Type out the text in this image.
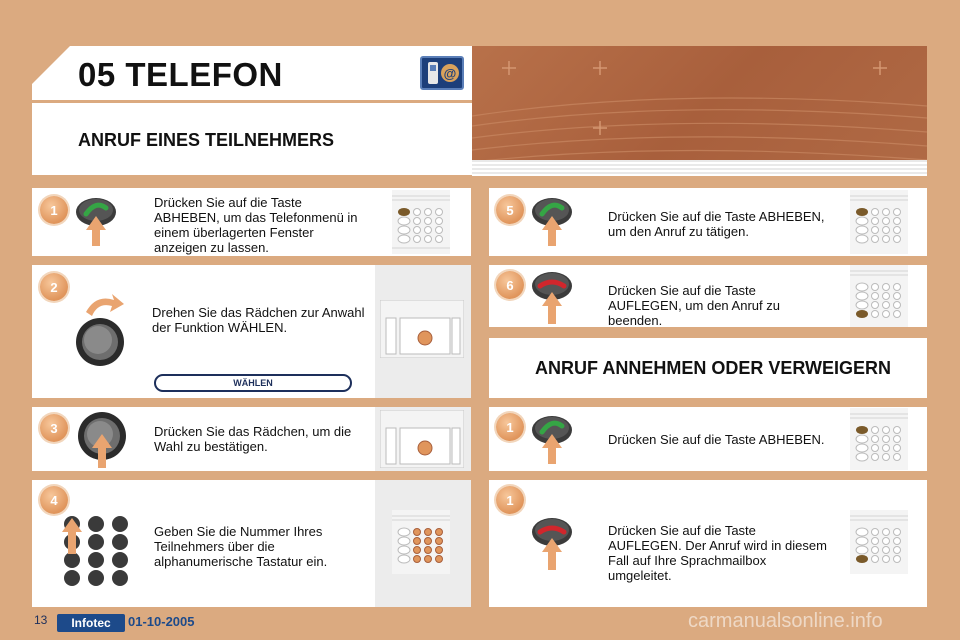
05 TELEFON	@
ANRUF EINES TEILNEHMERS
1	Drücken Sie auf die Taste ABHEBEN, um das Telefonmenü in einem überlagerten Fenster anzeigen zu lassen.
2
Drehen Sie das Rädchen zur Anwahl der Funktion WÄHLEN.
WÄHLEN
3	Drücken Sie das Rädchen, um die Wahl zu bestätigen.
4
Geben Sie die Nummer Ihres Teilnehmers über die alphanumerische Tastatur ein.
5	Drücken Sie auf die Taste ABHEBEN, um den Anruf zu tätigen.
6	Drücken Sie auf die Taste AUFLEGEN, um den Anruf zu beenden.
ANRUF ANNEHMEN ODER VERWEIGERN
1
Drücken Sie auf die Taste ABHEBEN.
1
Drücken Sie auf die Taste AUFLEGEN. Der Anruf wird in diesem Fall auf Ihre Sprachmailbox umgeleitet.
13	Infotec	01-10-2005	carmanualsonline.info
